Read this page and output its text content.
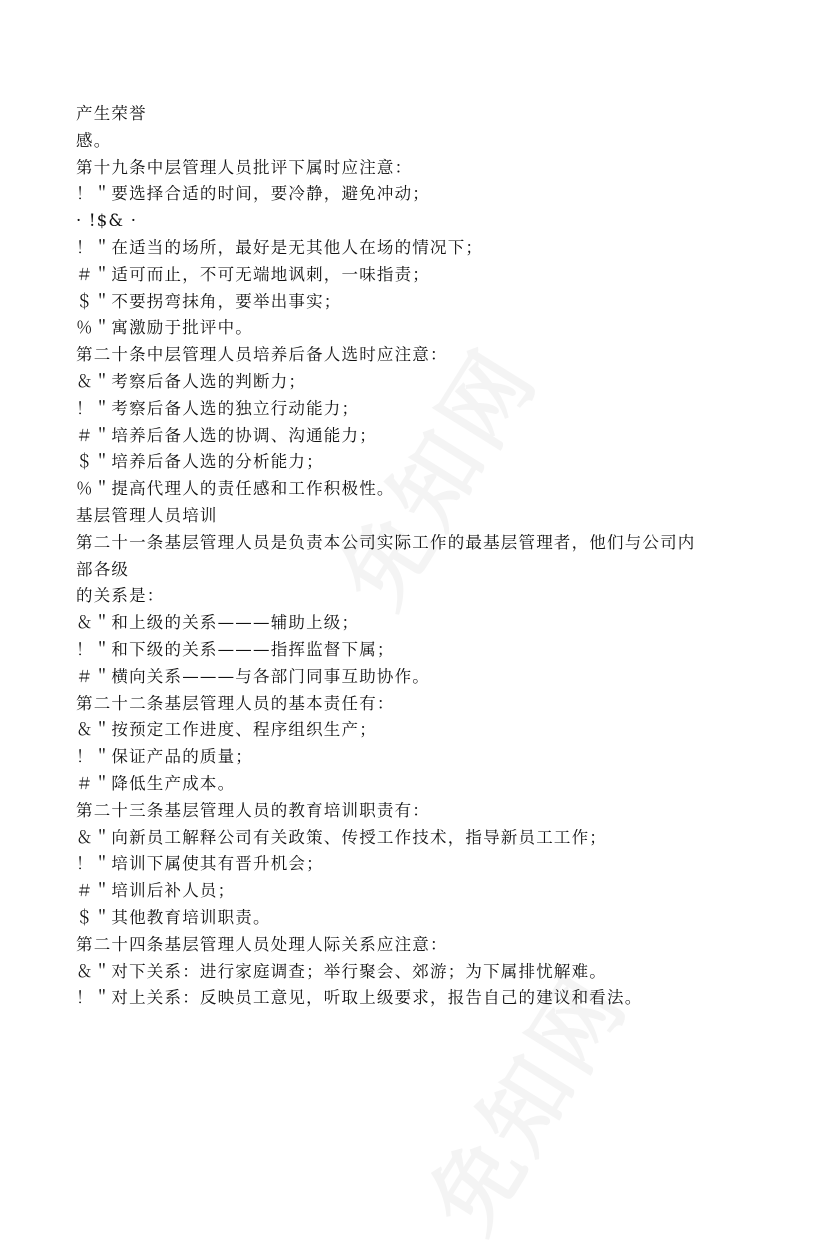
产生荣誉
感。
第十九条中层管理人员批评下属时应注意：
！＂要选择合适的时间，要冷静，避免冲动；
· !$& ·
！＂在适当的场所，最好是无其他人在场的情况下；
＃＂适可而止，不可无端地讽刺，一味指责；
＄＂不要拐弯抹角，要举出事实；
％＂寓激励于批评中。
第二十条中层管理人员培养后备人选时应注意：
＆＂考察后备人选的判断力；
！＂考察后备人选的独立行动能力；
＃＂培养后备人选的协调、沟通能力；
＄＂培养后备人选的分析能力；
％＂提高代理人的责任感和工作积极性。
基层管理人员培训
第二十一条基层管理人员是负责本公司实际工作的最基层管理者，他们与公司内
部各级
的关系是：
＆＂和上级的关系———辅助上级；
！＂和下级的关系———指挥监督下属；
＃＂横向关系———与各部门同事互助协作。
第二十二条基层管理人员的基本责任有：
＆＂按预定工作进度、程序组织生产；
！＂保证产品的质量；
＃＂降低生产成本。
第二十三条基层管理人员的教育培训职责有：
＆＂向新员工解释公司有关政策、传授工作技术，指导新员工工作；
！＂培训下属使其有晋升机会；
＃＂培训后补人员；
＄＂其他教育培训职责。
第二十四条基层管理人员处理人际关系应注意：
＆＂对下关系：进行家庭调查；举行聚会、郊游；为下属排忧解难。
！＂对上关系：反映员工意见，听取上级要求，报告自己的建议和看法。
